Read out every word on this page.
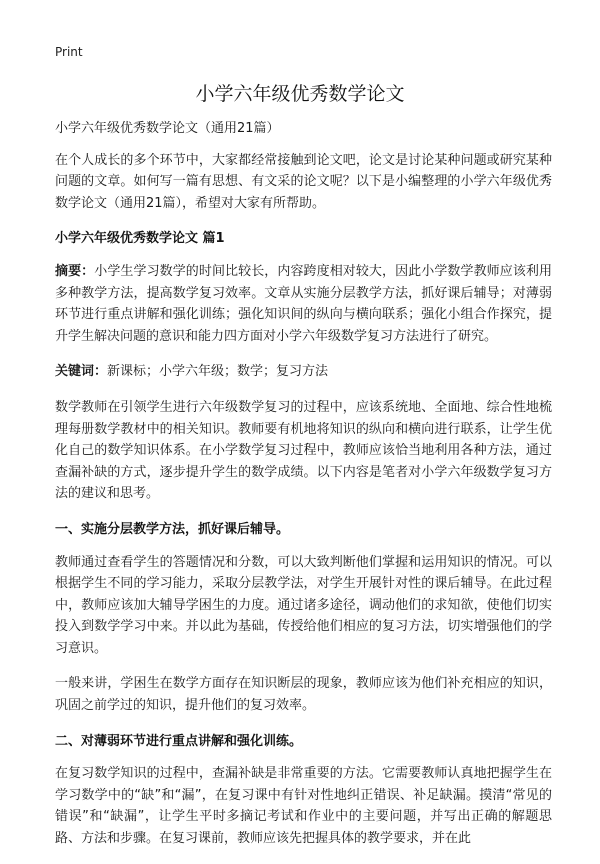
Print
小学六年级优秀数学论文

小学六年级优秀数学论文（通用21篇）

在个人成长的多个环节中，大家都经常接触到论文吧，论文是讨论某种问题或研究某种问题的文章。如何写一篇有思想、有文采的论文呢？以下是小编整理的小学六年级优秀数学论文（通用21篇），希望对大家有所帮助。

小学六年级优秀数学论文 篇1

摘要：小学生学习数学的时间比较长，内容跨度相对较大，因此小学数学教师应该利用多种教学方法，提高数学复习效率。文章从实施分层教学方法，抓好课后辅导；对薄弱环节进行重点讲解和强化训练；强化知识间的纵向与横向联系；强化小组合作探究，提升学生解决问题的意识和能力四方面对小学六年级数学复习方法进行了研究。

关键词：新课标；小学六年级；数学；复习方法

数学教师在引领学生进行六年级数学复习的过程中，应该系统地、全面地、综合性地梳理每册数学教材中的相关知识。教师要有机地将知识的纵向和横向进行联系，让学生优化自己的数学知识体系。在小学数学复习过程中，教师应该恰当地利用各种方法，通过查漏补缺的方式，逐步提升学生的数学成绩。以下内容是笔者对小学六年级数学复习方法的建议和思考。

一、实施分层教学方法，抓好课后辅导。

教师通过查看学生的答题情况和分数，可以大致判断他们掌握和运用知识的情况。可以根据学生不同的学习能力，采取分层教学法，对学生开展针对性的课后辅导。在此过程中，教师应该加大辅导学困生的力度。通过诸多途径，调动他们的求知欲，使他们切实投入到数学学习中来。并以此为基础，传授给他们相应的复习方法，切实增强他们的学习意识。

一般来讲，学困生在数学方面存在知识断层的现象，教师应该为他们补充相应的知识，巩固之前学过的知识，提升他们的复习效率。

二、对薄弱环节进行重点讲解和强化训练。

在复习数学知识的过程中，查漏补缺是非常重要的方法。它需要教师认真地把握学生在学习数学中的“缺”和“漏”，在复习课中有针对性地纠正错误、补足缺漏。摸清“常见的错误”和“缺漏”，让学生平时多摘记考试和作业中的主要问题，并写出正确的解题思路、方法和步骤。在复习课前，教师应该先把握具体的教学要求，并在此
